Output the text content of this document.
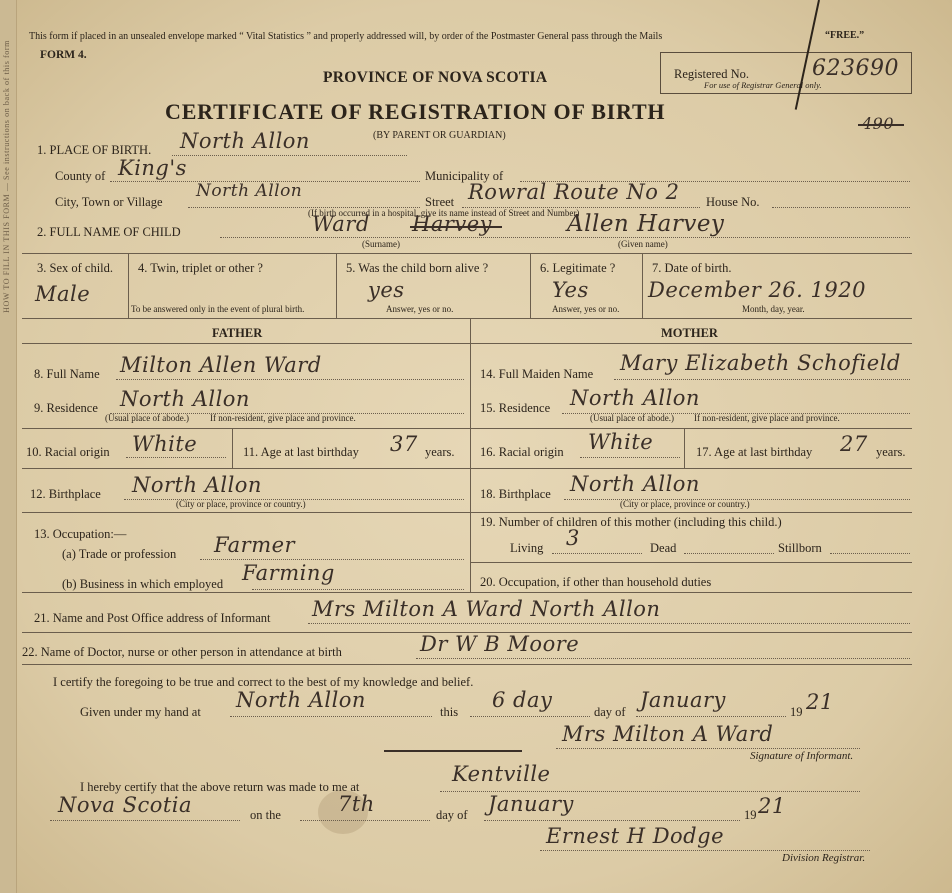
HOW TO FILL IN THIS FORM — See instructions on back of this form
This form if placed in an unsealed envelope marked “ Vital Statistics ” and properly addressed will, by order of the Postmaster General pass through the Mails	“FREE.”
FORM 4.
PROVINCE OF NOVA SCOTIA
CERTIFICATE OF REGISTRATION OF BIRTH
(BY PARENT OR GUARDIAN)
Registered No.	623690
For use of Registrar General only.
490
1. PLACE OF BIRTH. North Allon
County of King's	Municipality of
City, Town or Village
North Allon
Street Rowral Route No 2 House No.
(If birth occurred in a hospital, give its name instead of Street and Number)
2. FULL NAME OF CHILD	Ward Harvey	Allen Harvey
(Surname)	(Given name)
3. Sex of child.
Male
4. Twin, triplet or other ?
To be answered only in the event of plural birth.
5. Was the child born alive ?
yes
Answer, yes or no.
6. Legitimate ?
Yes
Answer, yes or no.
7. Date of birth.
December 26. 1920
Month, day, year.
FATHER	MOTHER
8. Full Name Milton Allen Ward
9. Residence North Allon
(Usual place of abode.) If non-resident, give place and province.
10. Racial origin White	11. Age at last birthday 37 years.
12. Birthplace North Allon
(City or place, province or country.)
13. Occupation:—
(a) Trade or profession Farmer
(b) Business in which employed Farming
14. Full Maiden Name Mary Elizabeth Schofield
15. Residence North Allon
(Usual place of abode.) If non-resident, give place and province.
16. Racial origin White	17. Age at last birthday 27 years.
18. Birthplace North Allon
(City or place, province or country.)
19. Number of children of this mother (including this child.)
Living 3	Dead	Stillborn
20. Occupation, if other than household duties
21. Name and Post Office address of Informant Mrs Milton A Ward North Allon
22. Name of Doctor, nurse or other person in attendance at birth	Dr W B Moore
I certify the foregoing to be true and correct to the best of my knowledge and belief.
Given under my hand at North Allon	this 6 day	day of January	19 21
Mrs Milton A Ward
Signature of Informant.
I hereby certify that the above return was made to me at
Kentville
Nova Scotia	on the	7th	day of January	19 21
Ernest H Dodge
Division Registrar.
